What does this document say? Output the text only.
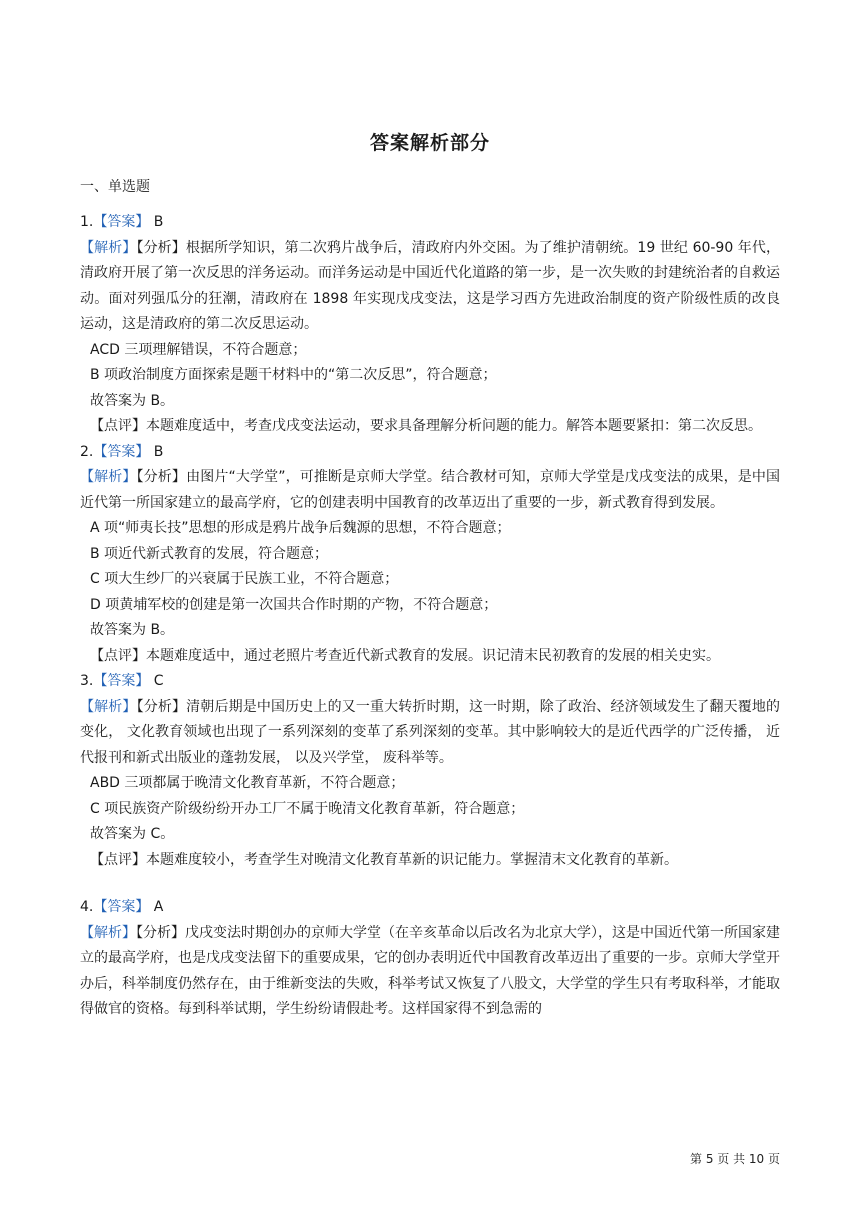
答案解析部分
一、单选题
1.【答案】 B
【解析】【分析】根据所学知识，第二次鸦片战争后，清政府内外交困。为了维护清朝统。19 世纪 60-90 年代，清政府开展了第一次反思的洋务运动。而洋务运动是中国近代化道路的第一步，是一次失败的封建统治者的自救运动。面对列强瓜分的狂潮，清政府在 1898 年实现戊戌变法，这是学习西方先进政治制度的资产阶级性质的改良运动，这是清政府的第二次反思运动。
ACD 三项理解错误，不符合题意；
B 项政治制度方面探索是题干材料中的“第二次反思”，符合题意；
故答案为 B。
【点评】本题难度适中，考查戊戌变法运动，要求具备理解分析问题的能力。解答本题要紧扣：第二次反思。
2.【答案】 B
【解析】【分析】由图片“大学堂”，可推断是京师大学堂。结合教材可知，京师大学堂是戊戌变法的成果，是中国近代第一所国家建立的最高学府，它的创建表明中国教育的改革迈出了重要的一步，新式教育得到发展。
A 项“师夷长技”思想的形成是鸦片战争后魏源的思想，不符合题意；
B 项近代新式教育的发展，符合题意；
C 项大生纱厂的兴衰属于民族工业，不符合题意；
D 项黄埔军校的创建是第一次国共合作时期的产物，不符合题意；
故答案为 B。
【点评】本题难度适中，通过老照片考查近代新式教育的发展。识记清末民初教育的发展的相关史实。
3.【答案】 C
【解析】【分析】清朝后期是中国历史上的又一重大转折时期，这一时期，除了政治、经济领域发生了翻天覆地的变化， 文化教育领域也出现了一系列深刻的变革了系列深刻的变革。其中影响较大的是近代西学的广泛传播， 近代报刊和新式出版业的蓬勃发展， 以及兴学堂， 废科举等。
ABD 三项都属于晚清文化教育革新，不符合题意；
C 项民族资产阶级纷纷开办工厂不属于晚清文化教育革新，符合题意；
故答案为 C。
【点评】本题难度较小，考查学生对晚清文化教育革新的识记能力。掌握清末文化教育的革新。
4.【答案】 A
【解析】【分析】戊戌变法时期创办的京师大学堂（在辛亥革命以后改名为北京大学），这是中国近代第一所国家建立的最高学府，也是戊戌变法留下的重要成果，它的创办表明近代中国教育改革迈出了重要的一步。京师大学堂开办后，科举制度仍然存在，由于维新变法的失败，科举考试又恢复了八股文，大学堂的学生只有考取科举，才能取得做官的资格。每到科举试期，学生纷纷请假赴考。这样国家得不到急需的
第 5 页 共 10 页
